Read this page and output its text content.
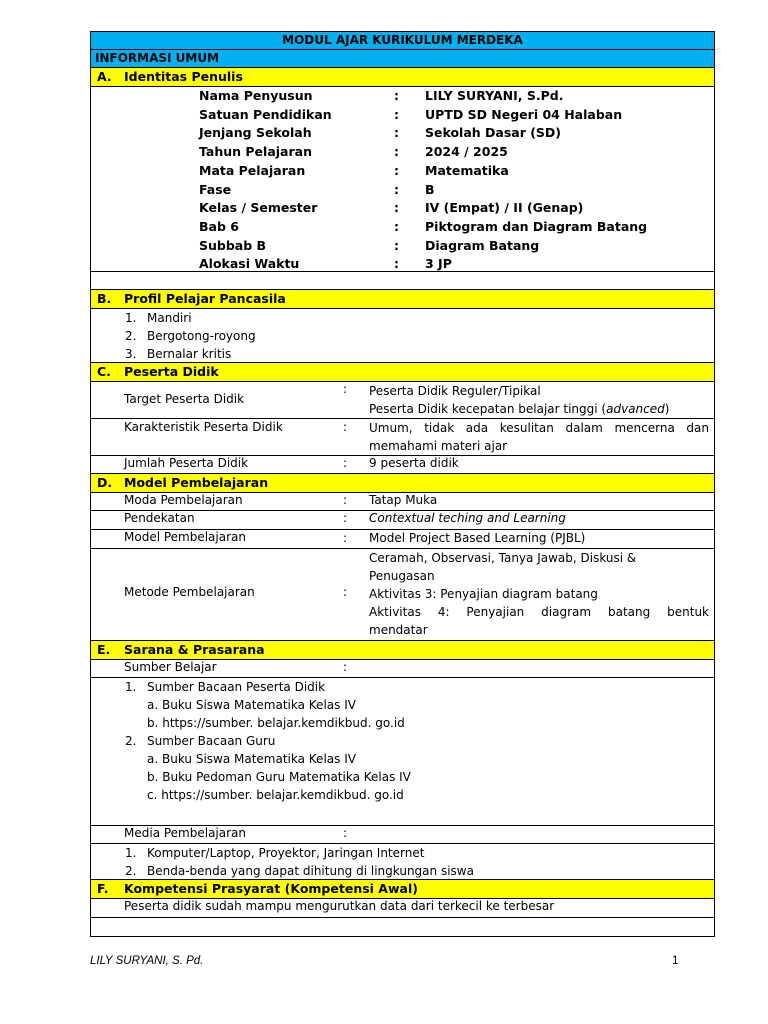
MODUL AJAR KURIKULUM MERDEKA
INFORMASI UMUM
A. Identitas Penulis
Nama Penyusun	: LILY SURYANI, S.Pd.
Satuan Pendidikan	: UPTD SD Negeri 04 Halaban
Jenjang Sekolah	: Sekolah Dasar (SD)
Tahun Pelajaran	: 2024 / 2025
Mata Pelajaran	: Matematika
Fase	: B
Kelas / Semester	: IV (Empat) / II (Genap)
Bab 6	: Piktogram dan Diagram Batang
Subbab B	: Diagram Batang
Alokasi Waktu	: 3 JP
B. Profil Pelajar Pancasila
1. Mandiri
2. Bergotong-royong
3. Bernalar kritis
C. Peserta Didik
Target Peserta Didik
: Peserta Didik Reguler/Tipikal
Peserta Didik kecepatan belajar tinggi (advanced)
Karakteristik Peserta Didik	: Umum, tidak ada kesulitan dalam mencerna dan
memahami materi ajar
Jumlah Peserta Didik	: 9 peserta didik
D. Model Pembelajaran
Moda Pembelajaran	: Tatap Muka
Pendekatan	: Contextual teching and Learning
Model Pembelajaran	: Model Project Based Learning (PJBL)
Metode Pembelajaran	:
Ceramah, Observasi, Tanya Jawab, Diskusi &
Penugasan
Aktivitas 3: Penyajian diagram batang
Aktivitas 4: Penyajian diagram batang bentuk
mendatar
E. Sarana & Prasarana
Sumber Belajar	:
1. Sumber Bacaan Peserta Didik
a. Buku Siswa Matematika Kelas IV
b. https://sumber. belajar.kemdikbud. go.id
2. Sumber Bacaan Guru
a. Buku Siswa Matematika Kelas IV
b. Buku Pedoman Guru Matematika Kelas IV
c. https://sumber. belajar.kemdikbud. go.id
Media Pembelajaran	:
1. Komputer/Laptop, Proyektor, Jaringan Internet
2. Benda-benda yang dapat dihitung di lingkungan siswa
F. Kompetensi Prasyarat (Kompetensi Awal)
Peserta didik sudah mampu mengurutkan data dari terkecil ke terbesar
LILY SURYANI, S. Pd.	1
